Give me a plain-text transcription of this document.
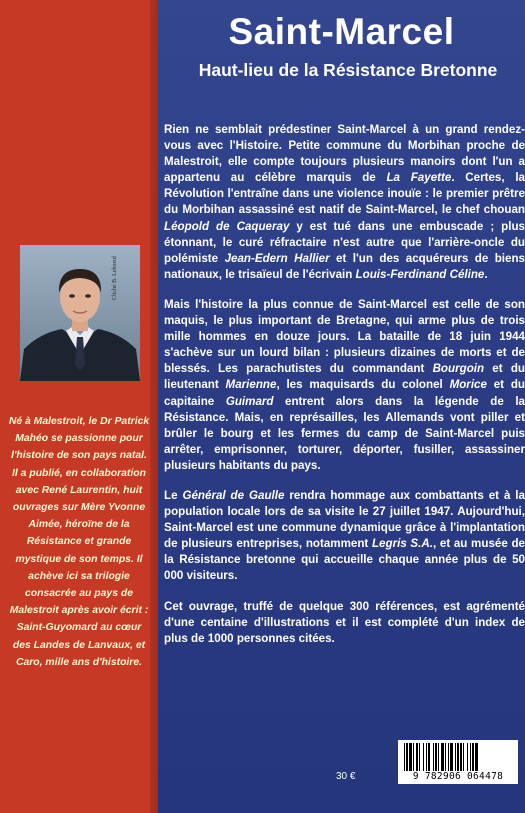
Saint-Marcel
Haut-lieu de la Résistance Bretonne

Rien ne semblait prédestiner Saint-Marcel à un grand rendez-vous avec l'Histoire. Petite commune du Morbihan proche de Malestroit, elle compte toujours plusieurs manoirs dont l'un a appartenu au célèbre marquis de La Fayette. Certes, la Révolution l'entraîne dans une violence inouïe : le premier prêtre du Morbihan assassiné est natif de Saint-Marcel, le chef chouan Léopold de Caqueray y est tué dans une embuscade ; plus étonnant, le curé réfractaire n'est autre que l'arrière-oncle du polémiste Jean-Edern Hallier et l'un des acquéreurs de biens nationaux, le trisaïeul de l'écrivain Louis-Ferdinand Céline.

Mais l'histoire la plus connue de Saint-Marcel est celle de son maquis, le plus important de Bretagne, qui arme plus de trois mille hommes en douze jours. La bataille de 18 juin 1944 s'achève sur un lourd bilan : plusieurs dizaines de morts et de blessés. Les parachutistes du commandant Bourgoin et du lieutenant Marienne, les maquisards du colonel Morice et du capitaine Guimard entrent alors dans la légende de la Résistance. Mais, en représailles, les Allemands vont piller et brûler le bourg et les fermes du camp de Saint-Marcel puis arrêter, emprisonner, torturer, déporter, fusiller, assassiner plusieurs habitants du pays.

Le Général de Gaulle rendra hommage aux combattants et à la population locale lors de sa visite le 27 juillet 1947. Aujourd'hui, Saint-Marcel est une commune dynamique grâce à l'implantation de plusieurs entreprises, notamment Legris S.A., et au musée de la Résistance bretonne qui accueille chaque année plus de 50 000 visiteurs.

Cet ouvrage, truffé de quelque 300 références, est agrémenté d'une centaine d'illustrations et il est complété d'un index de plus de 1000 personnes citées.

Cliché B. Leboeuf
Né à Malestroit, le Dr Patrick Mahéo se passionne pour l'histoire de son pays natal. Il a publié, en collaboration avec René Laurentin, huit ouvrages sur Mère Yvonne Aimée, héroïne de la Résistance et grande mystique de son temps. Il achève ici sa trilogie consacrée au pays de Malestroit après avoir écrit : Saint-Guyomard au cœur des Landes de Lanvaux, et Caro, mille ans d'histoire.
30 €	9 782906 064478
